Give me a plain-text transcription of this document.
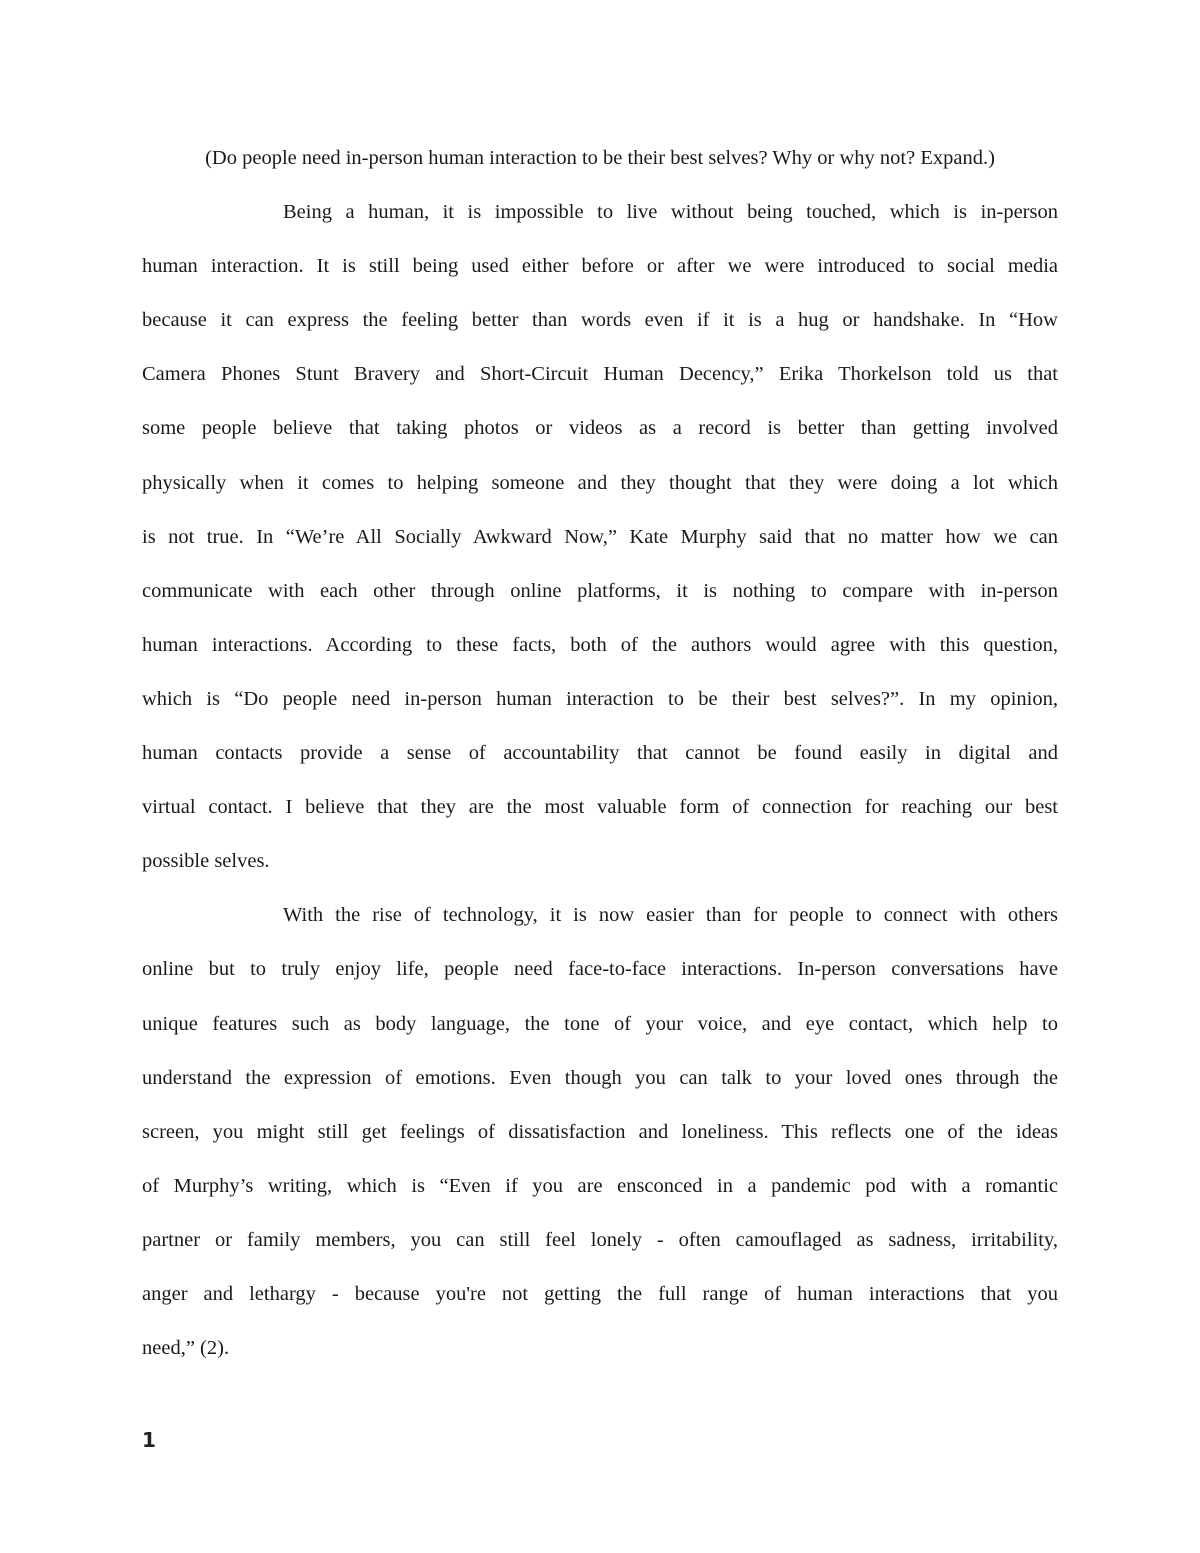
(Do people need in-person human interaction to be their best selves? Why or why not? Expand.)
Being a human, it is impossible to live without being touched, which is in-person
human interaction. It is still being used either before or after we were introduced to social media
because it can express the feeling better than words even if it is a hug or handshake. In “How
Camera Phones Stunt Bravery and Short-Circuit Human Decency,” Erika Thorkelson told us that
some people believe that taking photos or videos as a record is better than getting involved
physically when it comes to helping someone and they thought that they were doing a lot which
is not true. In “We’re All Socially Awkward Now,” Kate Murphy said that no matter how we can
communicate with each other through online platforms, it is nothing to compare with in-person
human interactions. According to these facts, both of the authors would agree with this question,
which is “Do people need in-person human interaction to be their best selves?”. In my opinion,
human contacts provide a sense of accountability that cannot be found easily in digital and
virtual contact. I believe that they are the most valuable form of connection for reaching our best
possible selves.
With the rise of technology, it is now easier than for people to connect with others
online but to truly enjoy life, people need face-to-face interactions. In-person conversations have
unique features such as body language, the tone of your voice, and eye contact, which help to
understand the expression of emotions. Even though you can talk to your loved ones through the
screen, you might still get feelings of dissatisfaction and loneliness. This reflects one of the ideas
of Murphy’s writing, which is “Even if you are ensconced in a pandemic pod with a romantic
partner or family members, you can still feel lonely - often camouflaged as sadness, irritability,
anger and lethargy - because you're not getting the full range of human interactions that you
need,” (2).
1
